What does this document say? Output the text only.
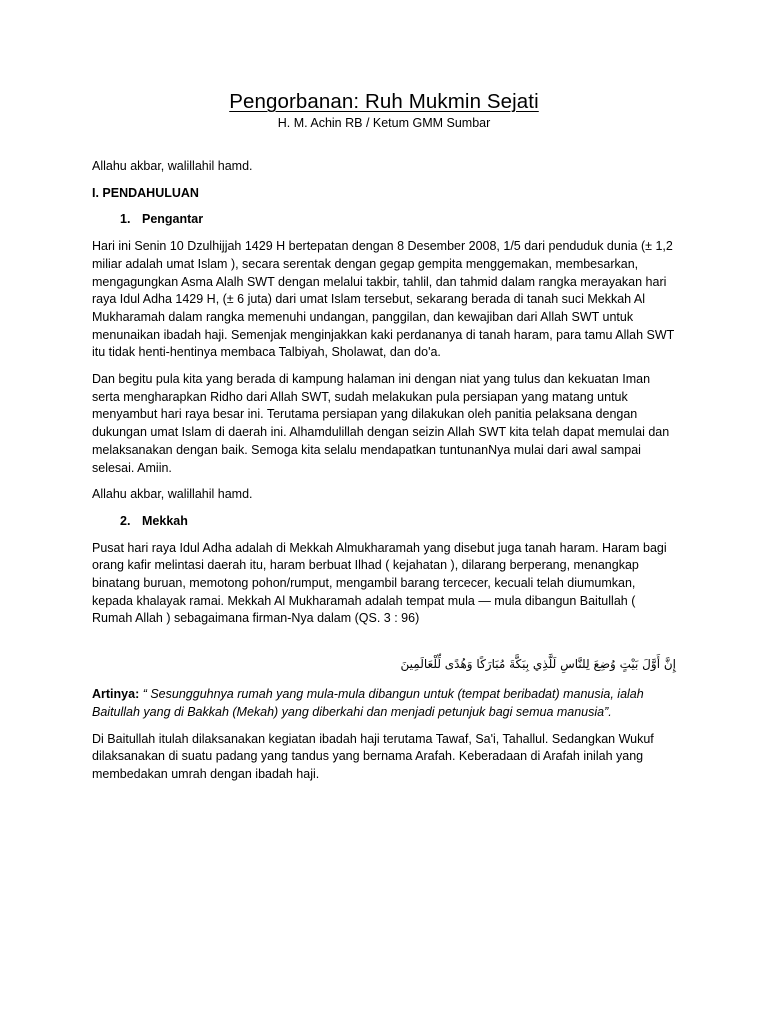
Pengorbanan: Ruh Mukmin Sejati

H. M. Achin RB / Ketum GMM Sumbar

Allahu akbar, walillahil hamd.

I. PENDAHULUAN

1. Pengantar

Hari ini Senin 10 Dzulhijjah 1429 H bertepatan dengan 8 Desember 2008, 1/5 dari penduduk dunia (± 1,2 miliar adalah umat Islam ), secara serentak dengan gegap gempita menggemakan, membesarkan, mengagungkan Asma Alalh SWT dengan melalui takbir, tahlil, dan tahmid dalam rangka merayakan hari raya Idul Adha 1429 H, (± 6 juta) dari umat Islam tersebut, sekarang berada di tanah suci Mekkah Al Mukharamah dalam rangka memenuhi undangan, panggilan, dan kewajiban dari Allah SWT untuk menunaikan ibadah haji. Semenjak menginjakkan kaki perdananya di tanah haram, para tamu Allah SWT itu tidak henti-hentinya membaca Talbiyah, Sholawat, dan do'a.

Dan begitu pula kita yang berada di kampung halaman ini dengan niat yang tulus dan kekuatan Iman serta mengharapkan Ridho dari Allah SWT, sudah melakukan pula persiapan yang matang untuk menyambut hari raya besar ini. Terutama persiapan yang dilakukan oleh panitia pelaksana dengan dukungan umat Islam di daerah ini. Alhamdulillah dengan seizin Allah SWT kita telah dapat memulai dan melaksanakan dengan baik. Semoga kita selalu mendapatkan tuntunanNya mulai dari awal sampai selesai. Amiin.

Allahu akbar, walillahil hamd.

2. Mekkah

Pusat hari raya Idul Adha adalah di Mekkah Almukharamah yang disebut juga tanah haram. Haram bagi orang kafir melintasi daerah itu, haram berbuat Ilhad ( kejahatan ), dilarang berperang, menangkap binatang buruan, memotong pohon/rumput, mengambil barang tercecer, kecuali telah diumumkan, kepada khalayak ramai. Mekkah Al Mukharamah adalah tempat mula — mula dibangun Baitullah ( Rumah Allah ) sebagaimana firman-Nya dalam (QS. 3 : 96)

إِنَّ أَوَّلَ بَيْتٍ وُضِعَ لِلنَّاسِ لَلَّذِي بِبَكَّةَ مُبَارَكًا وَهُدًى لِّلْعَالَمِينَ

Artinya: “ Sesungguhnya rumah yang mula-mula dibangun untuk (tempat beribadat) manusia, ialah Baitullah yang di Bakkah (Mekah) yang diberkahi dan menjadi petunjuk bagi semua manusia”.

Di Baitullah itulah dilaksanakan kegiatan ibadah haji terutama Tawaf, Sa'i, Tahallul. Sedangkan Wukuf dilaksanakan di suatu padang yang tandus yang bernama Arafah. Keberadaan di Arafah inilah yang membedakan umrah dengan ibadah haji.
